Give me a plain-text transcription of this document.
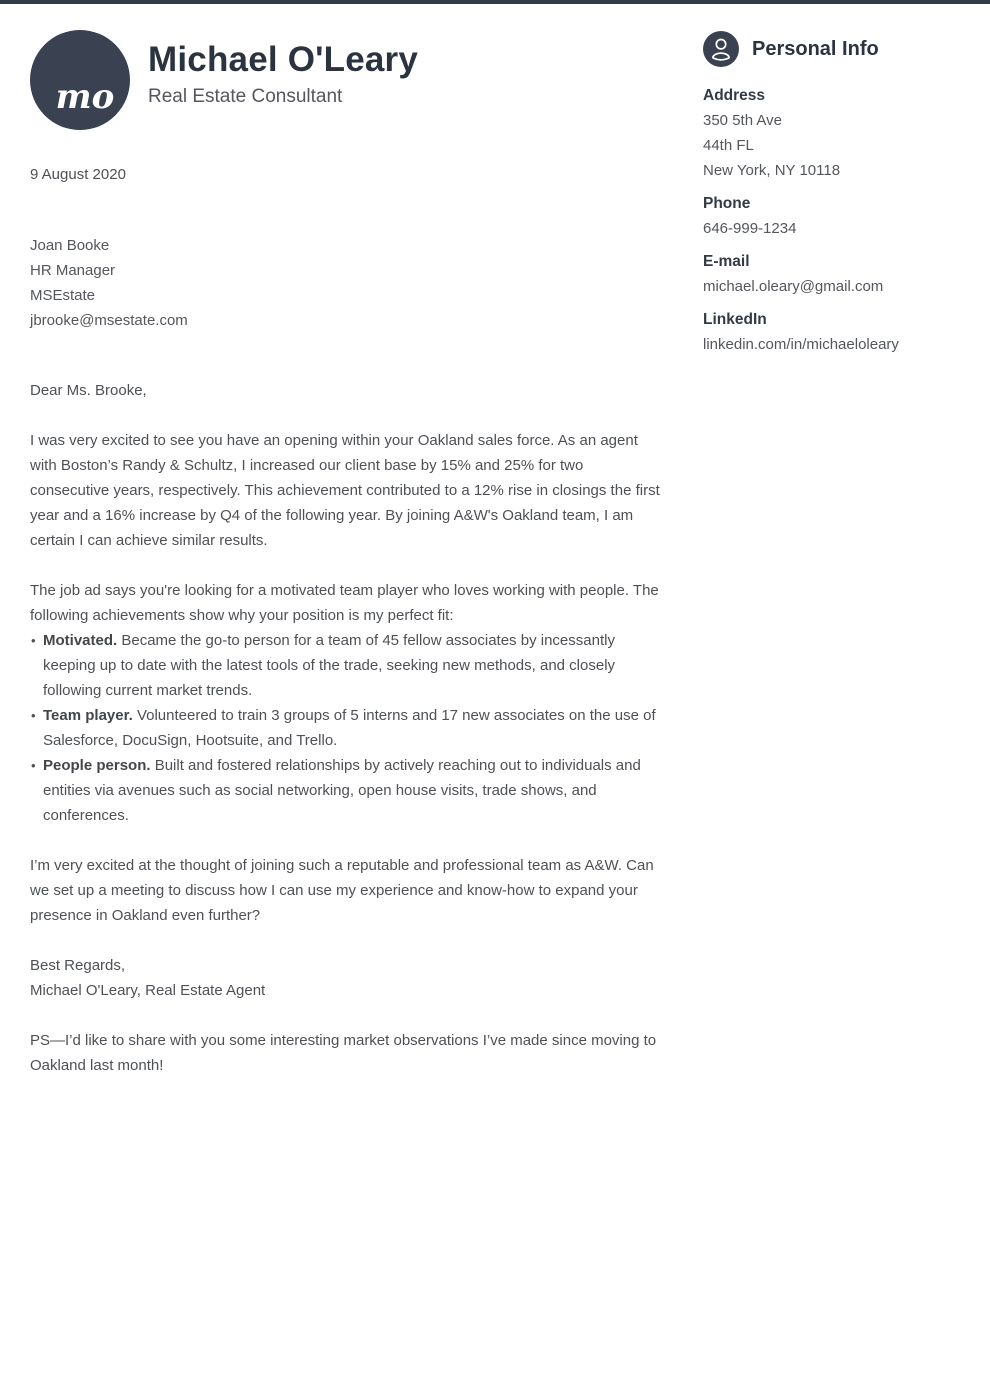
mo
Michael O'Leary
Real Estate Consultant
9 August 2020
Joan Booke
HR Manager
MSEstate
jbrooke@msestate.com
Dear Ms. Brooke,

I was very excited to see you have an opening within your Oakland sales force. As an agent with Boston’s Randy & Schultz, I increased our client base by 15% and 25% for two consecutive years, respectively. This achievement contributed to a 12% rise in closings the first year and a 16% increase by Q4 of the following year. By joining A&W's Oakland team, I am certain I can achieve similar results.

The job ad says you're looking for a motivated team player who loves working with people. The following achievements show why your position is my perfect fit:

• Motivated. Became the go-to person for a team of 45 fellow associates by incessantly keeping up to date with the latest tools of the trade, seeking new methods, and closely following current market trends.
• Team player. Volunteered to train 3 groups of 5 interns and 17 new associates on the use of Salesforce, DocuSign, Hootsuite, and Trello.
• People person. Built and fostered relationships by actively reaching out to individuals and entities via avenues such as social networking, open house visits, trade shows, and conferences.

I’m very excited at the thought of joining such a reputable and professional team as A&W. Can we set up a meeting to discuss how I can use my experience and know-how to expand your presence in Oakland even further?

Best Regards,
Michael O'Leary, Real Estate Agent

PS—I’d like to share with you some interesting market observations I’ve made since moving to Oakland last month!

Personal Info
Address
350 5th Ave
44th FL
New York, NY 10118
Phone
646-999-1234
E-mail
michael.oleary@gmail.com
LinkedIn
linkedin.com/in/michaeloleary
